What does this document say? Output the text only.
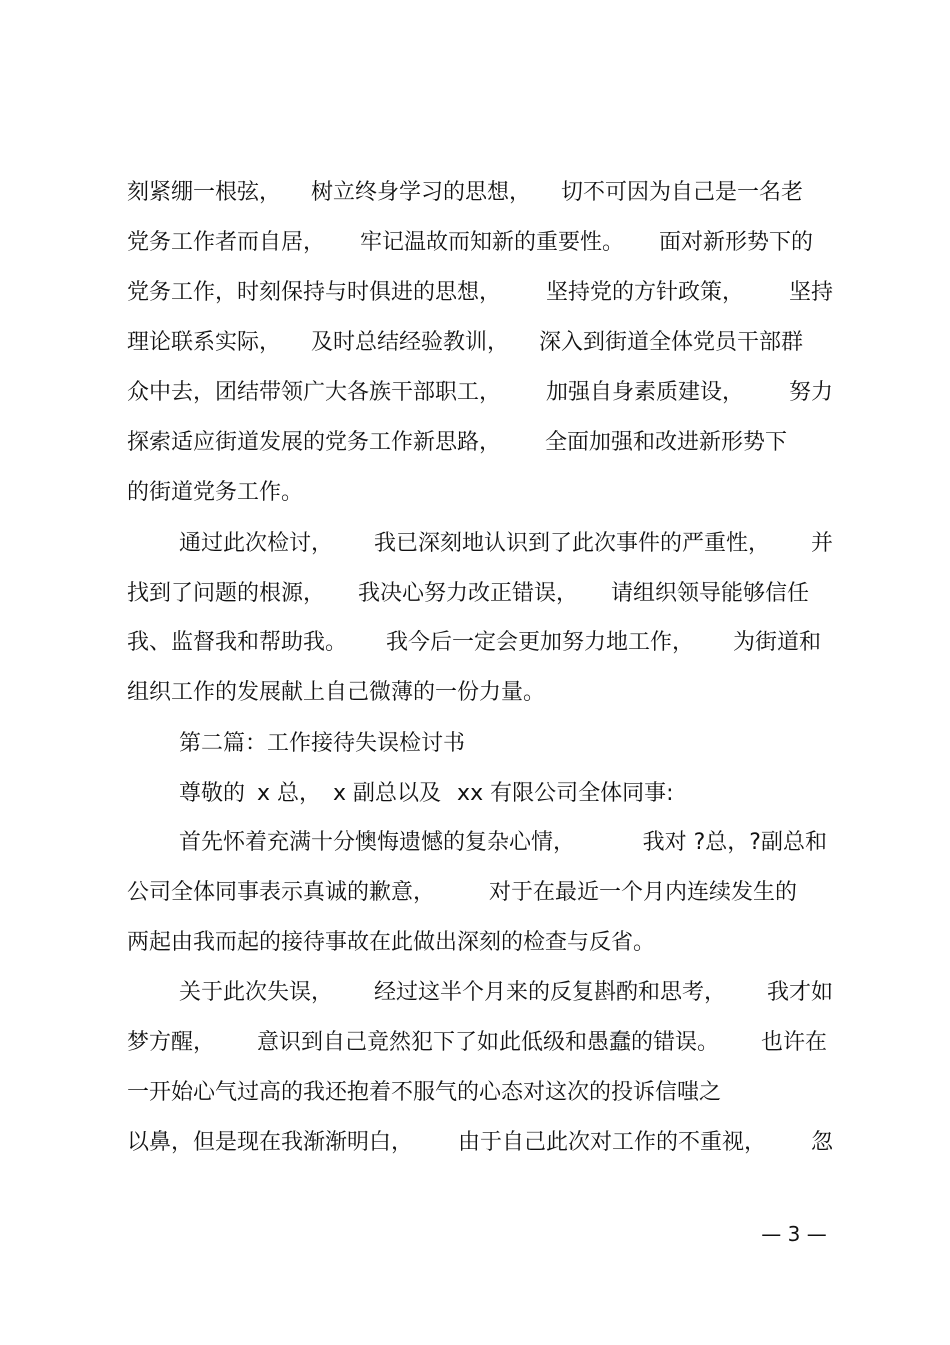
刻紧绷一根弦， 树立终身学习的思想， 切不可因为自己是一名老
党务工作者而自居， 牢记温故而知新的重要性。 面对新形势下的
党务工作，时刻保持与时俱进的思想， 坚持党的方针政策， 坚持
理论联系实际， 及时总结经验教训， 深入到街道全体党员干部群
众中去，团结带领广大各族干部职工， 加强自身素质建设， 努力
探索适应街道发展的党务工作新思路， 全面加强和改进新形势下
的街道党务工作。
通过此次检讨， 我已深刻地认识到了此次事件的严重性， 并
找到了问题的根源， 我决心努力改正错误， 请组织领导能够信任
我、监督我和帮助我。 我今后一定会更加努力地工作， 为街道和
组织工作的发展献上自己微薄的一份力量。
第二篇：工作接待失误检讨书
尊敬的 x 总， x 副总以及 xx 有限公司全体同事:
首先怀着充满十分懊悔遗憾的复杂心情，	我对 ?总，?副总和
公司全体同事表示真诚的歉意， 对于在最近一个月内连续发生的
两起由我而起的接待事故在此做出深刻的检查与反省。
关于此次失误， 经过这半个月来的反复斟酌和思考， 我才如
梦方醒， 意识到自己竟然犯下了如此低级和愚蠢的错误。 也许在
一开始心气过高的我还抱着不服气的心态对这次的投诉信嗤之
以鼻，但是现在我渐渐明白， 由于自己此次对工作的不重视， 忽
— 3 —
